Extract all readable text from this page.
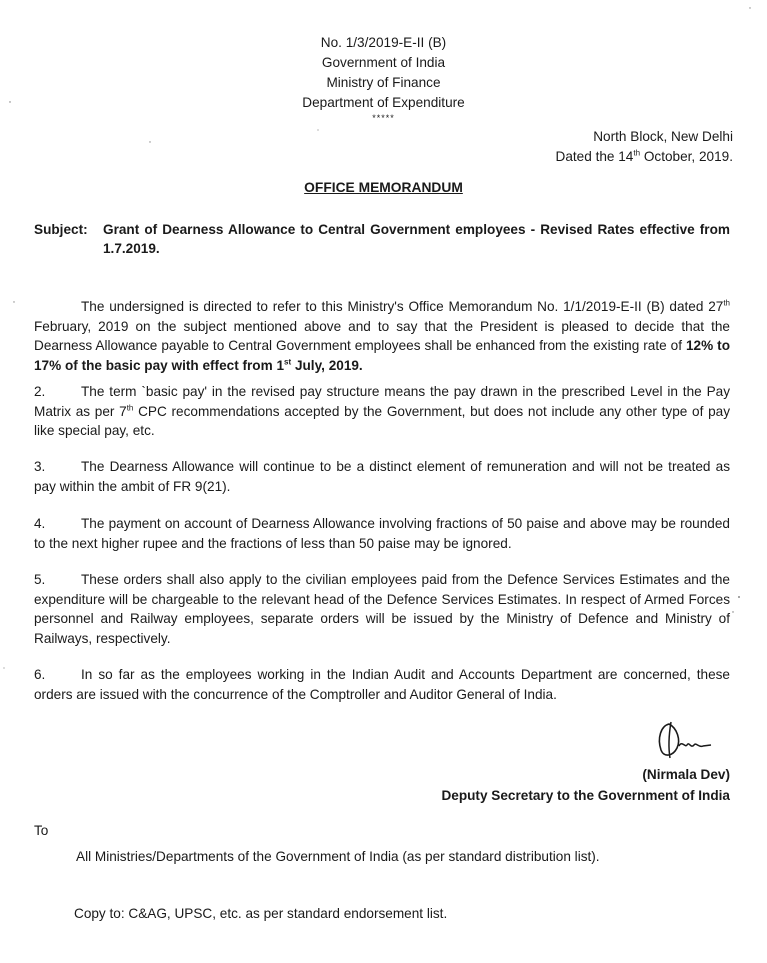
No. 1/3/2019-E-II (B)
Government of India
Ministry of Finance
Department of Expenditure
*****
North Block, New Delhi
Dated the 14th October, 2019.
OFFICE MEMORANDUM
Subject: Grant of Dearness Allowance to Central Government employees - Revised Rates effective from 1.7.2019.
The undersigned is directed to refer to this Ministry's Office Memorandum No. 1/1/2019-E-II (B) dated 27th February, 2019 on the subject mentioned above and to say that the President is pleased to decide that the Dearness Allowance payable to Central Government employees shall be enhanced from the existing rate of 12% to 17% of the basic pay with effect from 1st July, 2019.
2.	The term `basic pay' in the revised pay structure means the pay drawn in the prescribed Level in the Pay Matrix as per 7th CPC recommendations accepted by the Government, but does not include any other type of pay like special pay, etc.
3.	The Dearness Allowance will continue to be a distinct element of remuneration and will not be treated as pay within the ambit of FR 9(21).
4.	The payment on account of Dearness Allowance involving fractions of 50 paise and above may be rounded to the next higher rupee and the fractions of less than 50 paise may be ignored.
5.	These orders shall also apply to the civilian employees paid from the Defence Services Estimates and the expenditure will be chargeable to the relevant head of the Defence Services Estimates. In respect of Armed Forces personnel and Railway employees, separate orders will be issued by the Ministry of Defence and Ministry of Railways, respectively.
6.	In so far as the employees working in the Indian Audit and Accounts Department are concerned, these orders are issued with the concurrence of the Comptroller and Auditor General of India.
(Nirmala Dev)
Deputy Secretary to the Government of India
To
All Ministries/Departments of the Government of India (as per standard distribution list).
Copy to: C&AG, UPSC, etc. as per standard endorsement list.
